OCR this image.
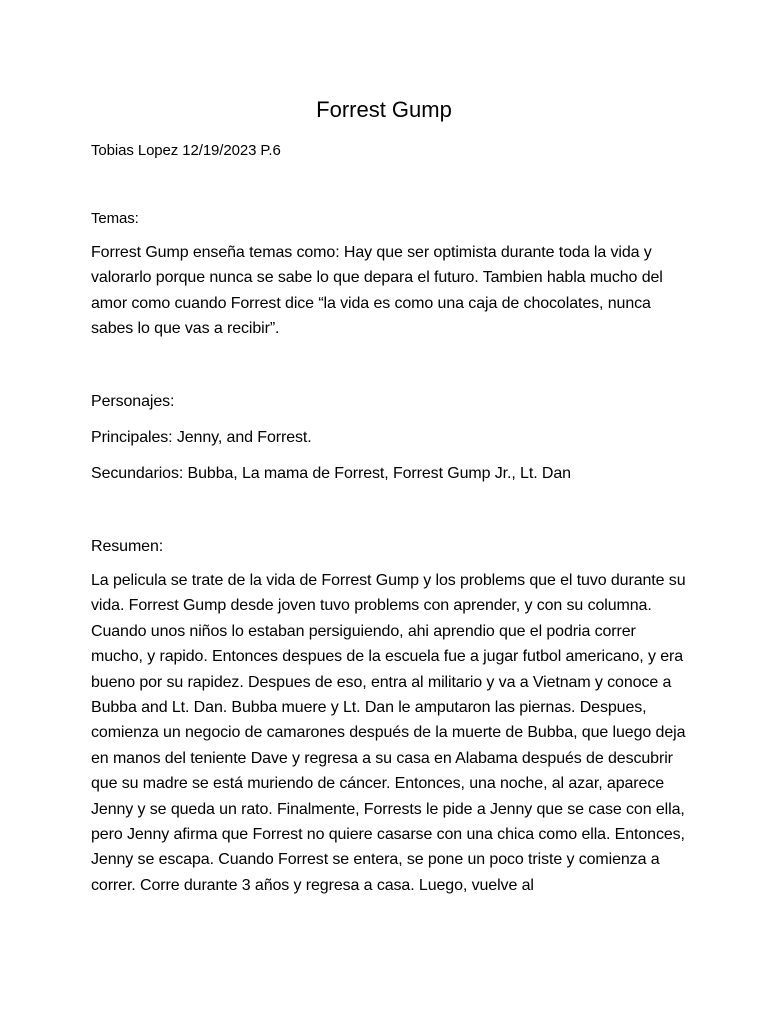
Forrest Gump

Tobias Lopez 12/19/2023 P.6

Temas:

Forrest Gump enseña temas como: Hay que ser optimista durante toda la vida y valorarlo porque nunca se sabe lo que depara el futuro. Tambien habla mucho del amor como cuando Forrest dice “la vida es como una caja de chocolates, nunca sabes lo que vas a recibir”.

Personajes:

Principales: Jenny, and Forrest.

Secundarios: Bubba, La mama de Forrest, Forrest Gump Jr., Lt. Dan

Resumen:

La pelicula se trate de la vida de Forrest Gump y los problems que el tuvo durante su vida. Forrest Gump desde joven tuvo problems con aprender, y con su columna. Cuando unos niños lo estaban persiguiendo, ahi aprendio que el podria correr mucho, y rapido. Entonces despues de la escuela fue a jugar futbol americano, y era bueno por su rapidez. Despues de eso, entra al militario y va a Vietnam y conoce a Bubba and Lt. Dan. Bubba muere y Lt. Dan le amputaron las piernas. Despues, comienza un negocio de camarones después de la muerte de Bubba, que luego deja en manos del teniente Dave y regresa a su casa en Alabama después de descubrir que su madre se está muriendo de cáncer. Entonces, una noche, al azar, aparece Jenny y se queda un rato. Finalmente, Forrests le pide a Jenny que se case con ella, pero Jenny afirma que Forrest no quiere casarse con una chica como ella. Entonces, Jenny se escapa. Cuando Forrest se entera, se pone un poco triste y comienza a correr. Corre durante 3 años y regresa a casa. Luego, vuelve al
